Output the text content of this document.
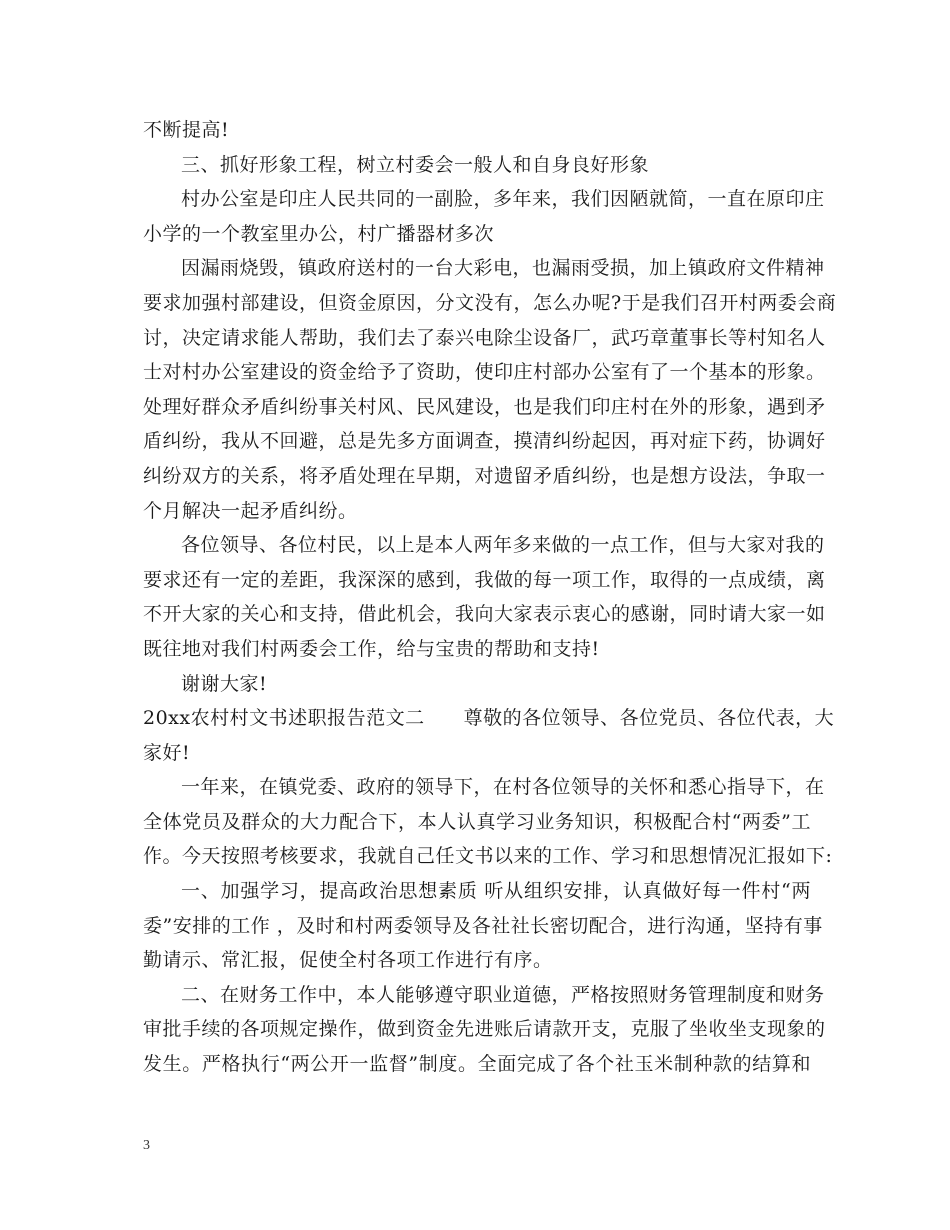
不断提高!
三、抓好形象工程，树立村委会一般人和自身良好形象
村办公室是印庄人民共同的一副脸，多年来，我们因陋就简，一直在原印庄
小学的一个教室里办公，村广播器材多次
因漏雨烧毁，镇政府送村的一台大彩电，也漏雨受损，加上镇政府文件精神
要求加强村部建设，但资金原因，分文没有，怎么办呢?于是我们召开村两委会商
讨，决定请求能人帮助，我们去了泰兴电除尘设备厂，武巧章董事长等村知名人
士对村办公室建设的资金给予了资助，使印庄村部办公室有了一个基本的形象。
处理好群众矛盾纠纷事关村风、民风建设，也是我们印庄村在外的形象，遇到矛
盾纠纷，我从不回避，总是先多方面调查，摸清纠纷起因，再对症下药，协调好
纠纷双方的关系，将矛盾处理在早期，对遗留矛盾纠纷，也是想方设法，争取一
个月解决一起矛盾纠纷。
各位领导、各位村民，以上是本人两年多来做的一点工作，但与大家对我的
要求还有一定的差距，我深深的感到，我做的每一项工作，取得的一点成绩，离
不开大家的关心和支持，借此机会，我向大家表示衷心的感谢，同时请大家一如
既往地对我们村两委会工作，给与宝贵的帮助和支持!
谢谢大家!
20xx农村村文书述职报告范文二　　尊敬的各位领导、各位党员、各位代表，大
家好!
一年来，在镇党委、政府的领导下，在村各位领导的关怀和悉心指导下，在
全体党员及群众的大力配合下，本人认真学习业务知识，积极配合村“两委”工
作。今天按照考核要求，我就自己任文书以来的工作、学习和思想情况汇报如下:
一、加强学习，提高政治思想素质 听从组织安排，认真做好每一件村“两
委”安排的工作 ，及时和村两委领导及各社社长密切配合，进行沟通，坚持有事
勤请示、常汇报，促使全村各项工作进行有序。
二、在财务工作中，本人能够遵守职业道德，严格按照财务管理制度和财务
审批手续的各项规定操作，做到资金先进账后请款开支，克服了坐收坐支现象的
发生。严格执行“两公开一监督”制度。全面完成了各个社玉米制种款的结算和
3
